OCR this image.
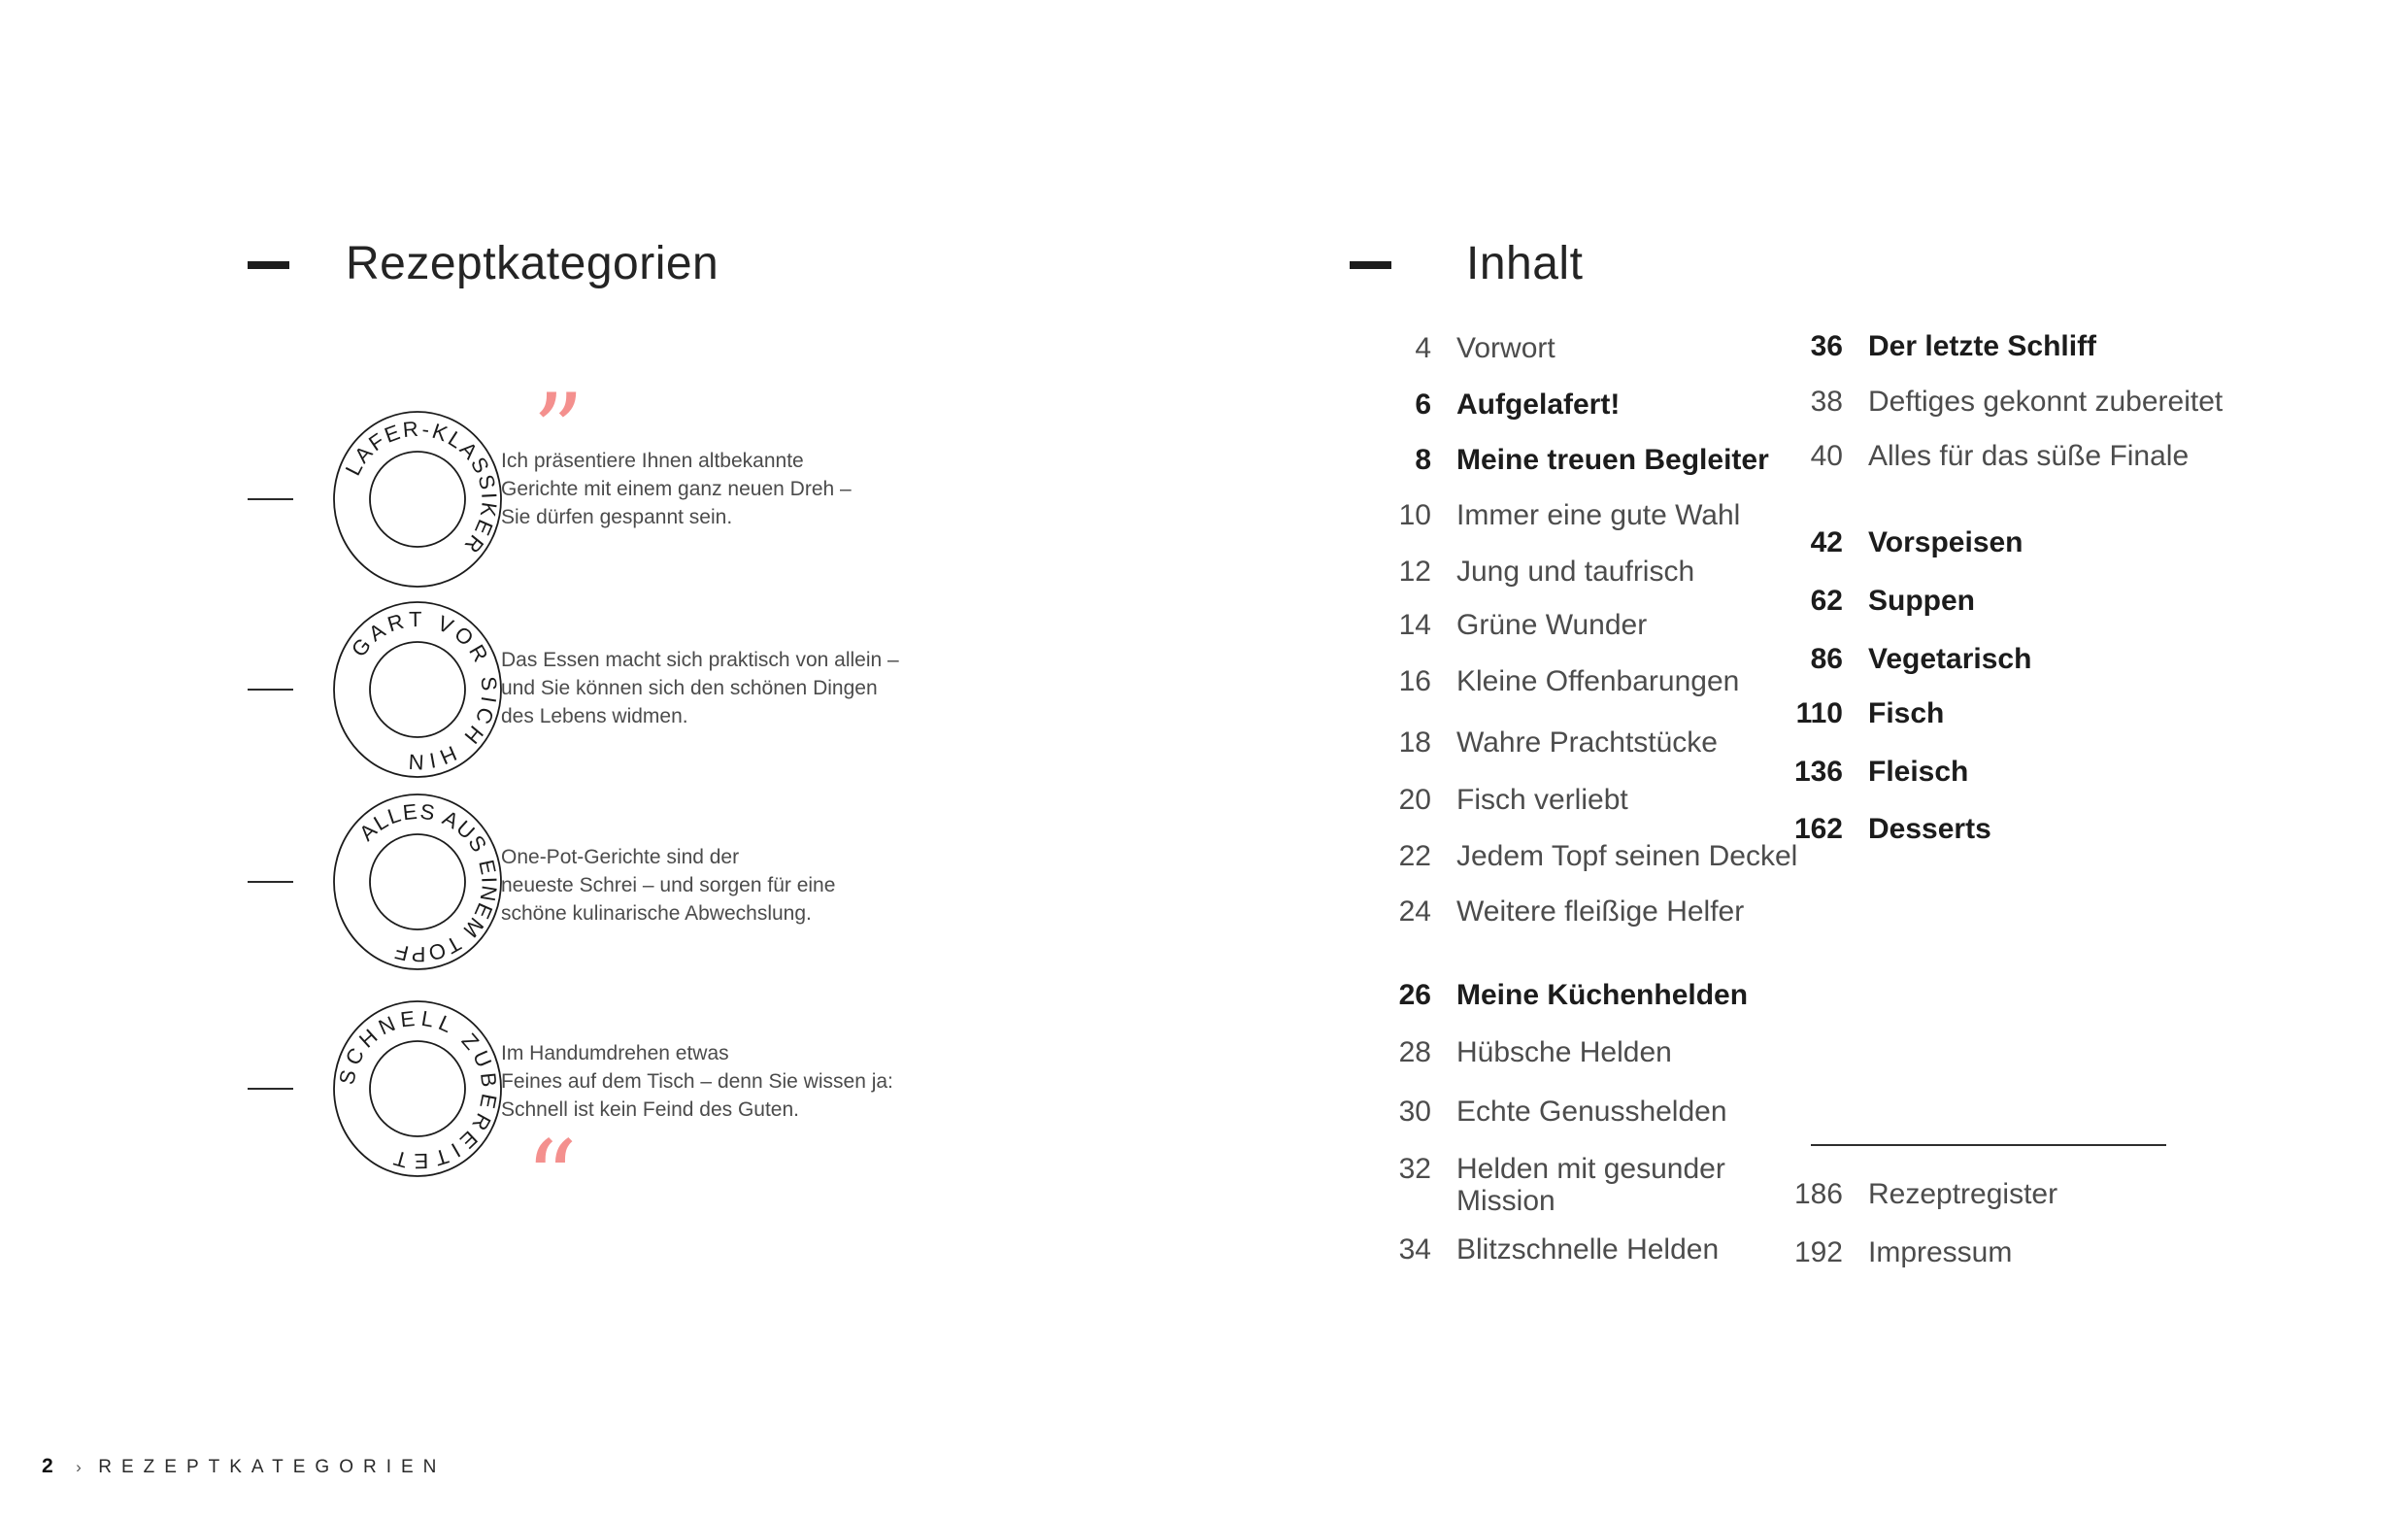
Rezeptkategorien
LAFER-KLASSIKER
”
Ich präsentiere Ihnen altbekannte
Gerichte mit einem ganz neuen Dreh –
Sie dürfen gespannt sein.
GART VOR SICH HIN
Das Essen macht sich praktisch von allein –
und Sie können sich den schönen Dingen
des Lebens widmen.
ALLES AUS EINEM TOPF
One-Pot-Gerichte sind der
neueste Schrei – und sorgen für eine
schöne kulinarische Abwechslung.
SCHNELL ZUBEREITET
Im Handumdrehen etwas
Feines auf dem Tisch – denn Sie wissen ja:
Schnell ist kein Feind des Guten.
“
2 › REZEPTKATEGORIEN
Inhalt
4 Vorwort
6 Aufgelafert!
8 Meine treuen Begleiter
10 Immer eine gute Wahl
12 Jung und taufrisch
14 Grüne Wunder
16 Kleine Offenbarungen
18 Wahre Prachtstücke
20 Fisch verliebt
22 Jedem Topf seinen Deckel
24 Weitere fleißige Helfer
26 Meine Küchenhelden
28 Hübsche Helden
30 Echte Genusshelden
32 Helden mit gesunder Mission
34 Blitzschnelle Helden
36 Der letzte Schliff
38 Deftiges gekonnt zubereitet
40 Alles für das süße Finale
42 Vorspeisen
62 Suppen
86 Vegetarisch
110 Fisch
136 Fleisch
162 Desserts
186 Rezeptregister
192 Impressum
